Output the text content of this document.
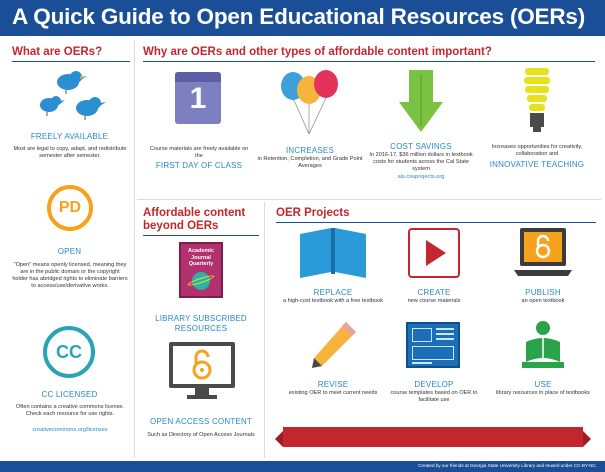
A Quick Guide to Open Educational Resources (OERs)
What are OERs?
FREELY AVAILABLE
Most are legal to copy, adapt, and redistribute semester after semester.
PD
OPEN
"Open" means openly licensed, meaning they are in the public domain or the copyright holder has abridged rights to eliminate barriers to access/use/derivative works.
CC
CC LICENSED
Often contains a creative commons license. Check each resource for use rights.
creativecommons.org/licenses
Why are OERs and other types of affordable content important?
1
Course materials are freely available on the
FIRST DAY OF CLASS
INCREASES
in Retention, Completion, and Grade Point Averages
COST SAVINGS
In 2016-17, $36 million dollars in textbook costs for students across the Cal State system
als.csuprojects.org
Increases opportunities for creativity, collaboration and
INNOVATIVE TEACHING
Affordable content
beyond OERs
Academic
Journal
Quarterly
LIBRARY SUBSCRIBED
RESOURCES
OPEN ACCESS CONTENT
Such as Directory of Open Access Journals
OER Projects
REPLACE
a high-cost textbook with a free textbook
CREATE
new course materials
PUBLISH
an open textbook
REVISE
existing OER to meet current needs
DEVELOP
course templates based on OER to facilitate use
USE
library resources in place of textbooks
Created by our friends at Georgia State University Library and reused under CC-BY-NC.
